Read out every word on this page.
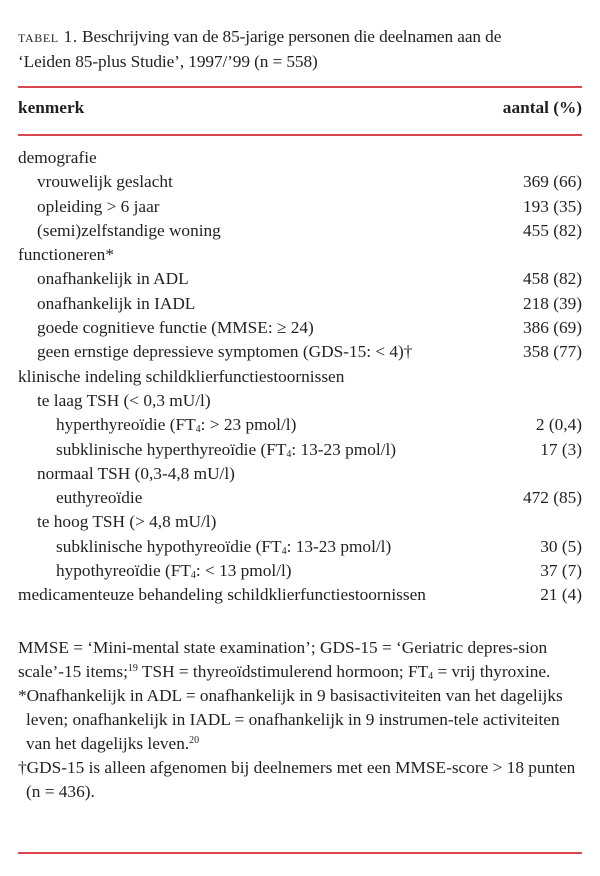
tabel 1. Beschrijving van de 85-jarige personen die deelnamen aan de
‘Leiden 85-plus Studie’, 1997/’99 (n = 558)
kenmerk	aantal (%)
demografie
vrouwelijk geslacht	369 (66)
opleiding > 6 jaar	193 (35)
(semi)zelfstandige woning	455 (82)
functioneren*
onafhankelijk in ADL	458 (82)
onafhankelijk in IADL	218 (39)
goede cognitieve functie (MMSE: ≥ 24)	386 (69)
geen ernstige depressieve symptomen (GDS-15: < 4)†	358 (77)
klinische indeling schildklierfunctiestoornissen
te laag TSH (< 0,3 mU/l)
hyperthyreoïdie ($FT_4$: > 23 pmol/l)	2 (0,4)
subklinische hyperthyreoïdie ($FT_4$: 13-23 pmol/l)	17 (3)
normaal TSH (0,3-4,8 mU/l)
euthyreoïdie	472 (85)
te hoog TSH (> 4,8 mU/l)
subklinische hypothyreoïdie ($FT_4$: 13-23 pmol/l)	30 (5)
hypothyreoïdie ($FT_4$: < 13 pmol/l)	37 (7)
medicamenteuze behandeling schildklierfunctiestoornissen	21 (4)

MMSE = ‘Mini-mental state examination’; GDS-15 = ‘Geriatric depres-sion scale’-15 items;$^{19}$ TSH = thyreoïdstimulerend hormoon; $FT_4$ = vrij thyroxine.

*Onafhankelijk in ADL = onafhankelijk in 9 basisactiviteiten van het dagelijks leven; onafhankelijk in IADL = onafhankelijk in 9 instrumen-tele activiteiten van het dagelijks leven.$^{20}$

†GDS-15 is alleen afgenomen bij deelnemers met een MMSE-score > 18 punten (n = 436).
